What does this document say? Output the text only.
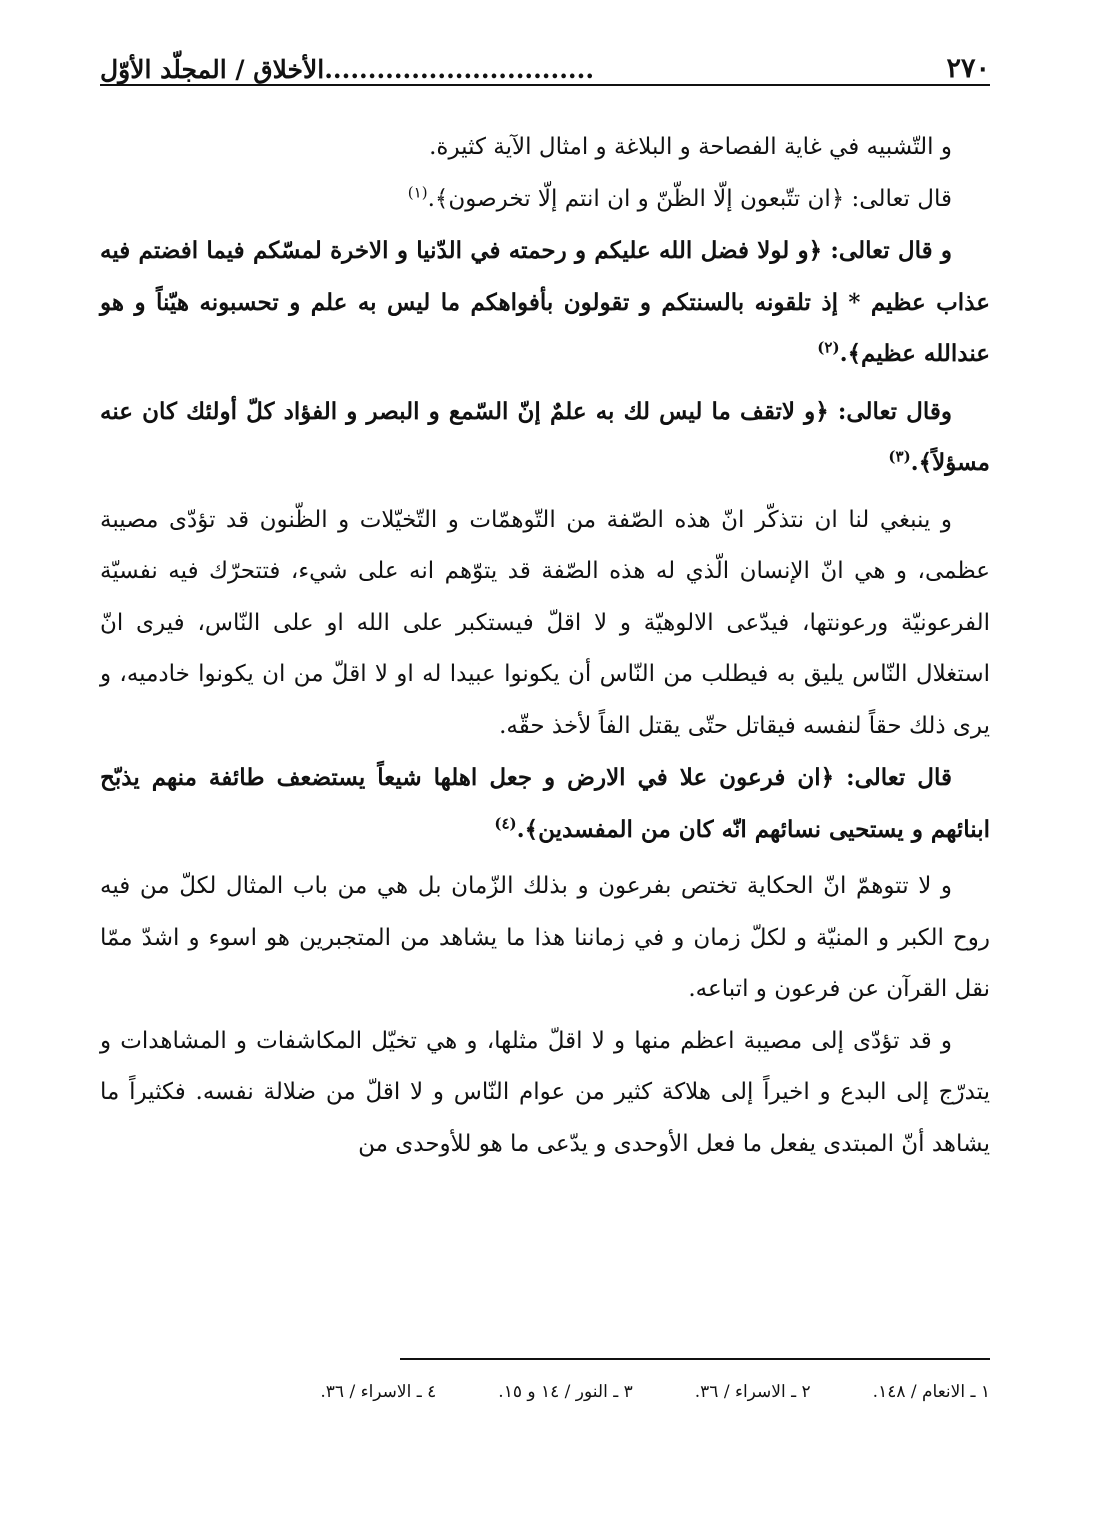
٢٧٠
...............................الأخلاق / المجلّد الأوّل

و التّشبيه في غاية الفصاحة و البلاغة و امثال الآية كثيرة.

قال تعالى: ﴿ان تتّبعون إلّا الظّنّ و ان انتم إلّا تخرصون﴾.$^{(١)}$

و قال تعالى: ﴿و لولا فضل الله عليكم و رحمته في الدّنيا و الاخرة لمسّكم فيما افضتم فيه عذاب عظيم * إذ تلقونه بالسنتكم و تقولون بأفواهكم ما ليس به علم و تحسبونه هيّناً و هو عندالله عظيم﴾.$^{(٢)}$

وقال تعالى: ﴿و لاتقف ما ليس لك به علمٌ إنّ السّمع و البصر و الفؤاد كلّ أولئك كان عنه مسؤلاً﴾.$^{(٣)}$

و ينبغي لنا ان نتذكّر انّ هذه الصّفة من التّوهمّات و التّخيّلات و الظّنون قد تؤدّى مصيبة عظمى، و هي انّ الإنسان الّذي له هذه الصّفة قد يتوّهم انه على شيء، فتتحرّك فيه نفسيّة الفرعونيّة ورعونتها، فيدّعى الالوهيّة و لا اقلّ فيستكبر على الله او على النّاس، فيرى انّ استغلال النّاس يليق به فيطلب من النّاس أن يكونوا عبيدا له او لا اقلّ من ان يكونوا خادميه، و يرى ذلك حقاً لنفسه فيقاتل حتّى يقتل الفاً لأخذ حقّه.

قال تعالى: ﴿ان فرعون علا في الارض و جعل اهلها شيعاً يستضعف طائفة منهم يذبّح ابنائهم و يستحيى نسائهم انّه كان من المفسدين﴾.$^{(٤)}$

و لا تتوهمّ انّ الحكاية تختص بفرعون و بذلك الزّمان بل هي من باب المثال لكلّ من فيه روح الكبر و المنيّة و لكلّ زمان و في زماننا هذا ما يشاهد من المتجبرين هو اسوء و اشدّ ممّا نقل القرآن عن فرعون و اتباعه.

و قد تؤدّى إلى مصيبة اعظم منها و لا اقلّ مثلها، و هي تخيّل المكاشفات و المشاهدات و يتدرّج إلى البدع و اخيراً إلى هلاكة كثير من عوام النّاس و لا اقلّ من ضلالة نفسه. فكثيراً ما يشاهد أنّ المبتدى يفعل ما فعل الأوحدى و يدّعى ما هو للأوحدى من

١ ـ الانعام / ١٤٨.
٢ ـ الاسراء / ٣٦.
٣ ـ النور / ١٤ و ١٥.
٤ ـ الاسراء / ٣٦.
